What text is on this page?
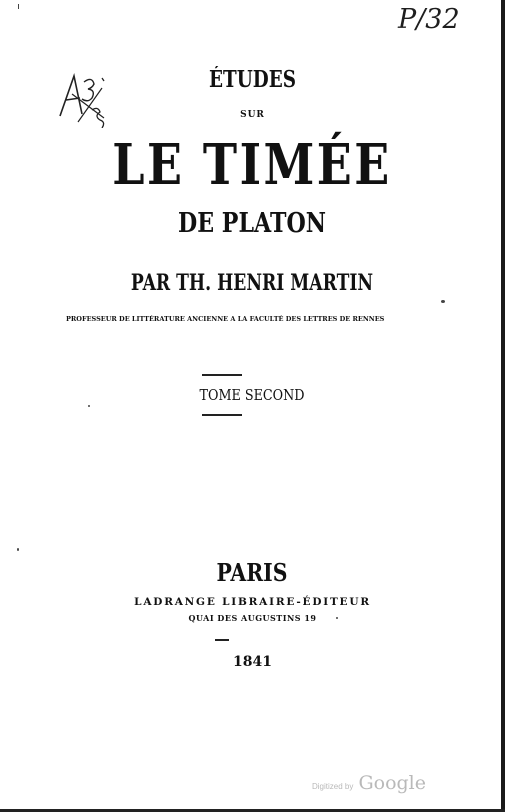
P/32
ÉTUDES
SUR
LE TIMÉE
DE PLATON
PAR TH. HENRI MARTIN
PROFESSEUR DE LITTÉRATURE ANCIENNE A LA FACULTÉ DES LETTRES DE RENNES
TOME SECOND
PARIS
LADRANGE LIBRAIRE-ÉDITEUR
QUAI DES AUGUSTINS 19
1841
Digitized by Google
